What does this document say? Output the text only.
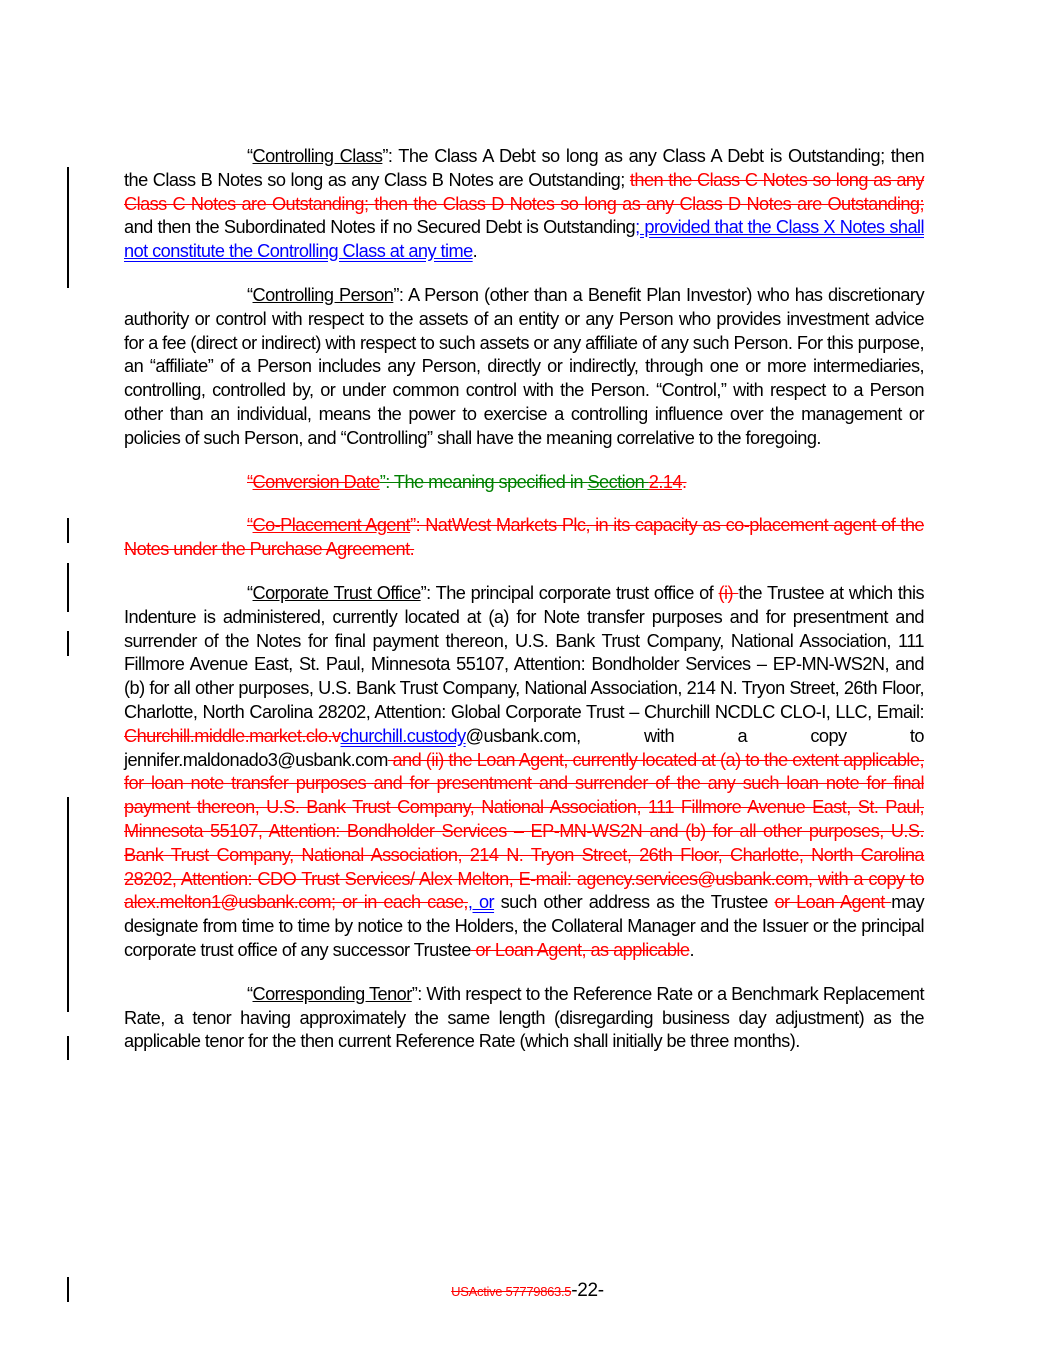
“Controlling Class”: The Class A Debt so long as any Class A Debt is Outstanding; then the Class B Notes so long as any Class B Notes are Outstanding; then the Class C Notes so long as any Class C Notes are Outstanding; then the Class D Notes so long as any Class D Notes are Outstanding; and then the Subordinated Notes if no Secured Debt is Outstanding; provided that the Class X Notes shall not constitute the Controlling Class at any time.

“Controlling Person”: A Person (other than a Benefit Plan Investor) who has discretionary authority or control with respect to the assets of an entity or any Person who provides investment advice for a fee (direct or indirect) with respect to such assets or any affiliate of any such Person. For this purpose, an “affiliate” of a Person includes any Person, directly or indirectly, through one or more intermediaries, controlling, controlled by, or under common control with the Person. “Control,” with respect to a Person other than an individual, means the power to exercise a controlling influence over the management or policies of such Person, and “Controlling” shall have the meaning correlative to the foregoing.

“Conversion Date”: The meaning specified in Section 2.14.

“Co-Placement Agent”: NatWest Markets Plc, in its capacity as co-placement agent of the Notes under the Purchase Agreement.

“Corporate Trust Office”: The principal corporate trust office of (i) the Trustee at which this Indenture is administered, currently located at (a) for Note transfer purposes and for presentment and surrender of the Notes for final payment thereon, U.S. Bank Trust Company, National Association, 111 Fillmore Avenue East, St. Paul, Minnesota 55107, Attention: Bondholder Services – EP-MN-WS2N, and (b) for all other purposes, U.S. Bank Trust Company, National Association, 214 N. Tryon Street, 26th Floor, Charlotte, North Carolina 28202, Attention: Global Corporate Trust – Churchill NCDLC CLO-I, LLC, Email: Churchill.middle.market.clo.vchurchill.custody@usbank.com, with a copy to jennifer.maldonado3@usbank.com and (ii) the Loan Agent, currently located at (a) to the extent applicable, for loan note transfer purposes and for presentment and surrender of the any such loan note for final payment thereon, U.S. Bank Trust Company, National Association, 111 Fillmore Avenue East, St. Paul, Minnesota 55107, Attention: Bondholder Services – EP-MN-WS2N and (b) for all other purposes, U.S. Bank Trust Company, National Association, 214 N. Tryon Street, 26th Floor, Charlotte, North Carolina 28202, Attention: CDO Trust Services/ Alex Melton, E-mail: agency.services@usbank.com, with a copy to alex.melton1@usbank.com; or in each case,, or such other address as the Trustee or Loan Agent may designate from time to time by notice to the Holders, the Collateral Manager and the Issuer or the principal corporate trust office of any successor Trustee or Loan Agent, as applicable.

“Corresponding Tenor”: With respect to the Reference Rate or a Benchmark Replacement Rate, a tenor having approximately the same length (disregarding business day adjustment) as the applicable tenor for the then current Reference Rate (which shall initially be three months).

USActive 57779863.5-22-
